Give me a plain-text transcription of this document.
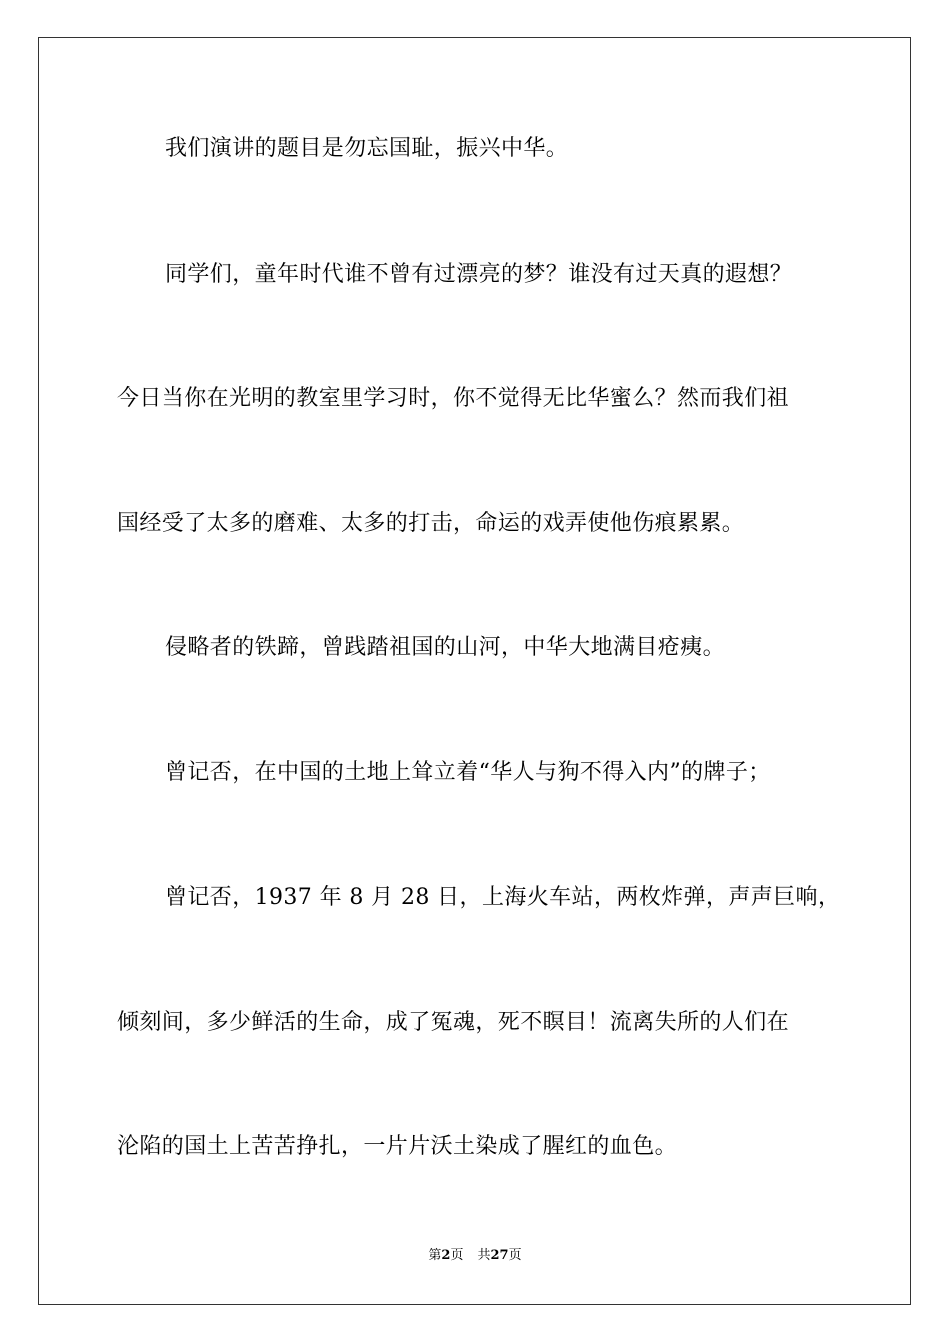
我们演讲的题目是勿忘国耻，振兴中华。
同学们，童年时代谁不曾有过漂亮的梦？谁没有过天真的遐想？
今日当你在光明的教室里学习时，你不觉得无比华蜜么？然而我们祖
国经受了太多的磨难、太多的打击，命运的戏弄使他伤痕累累。
侵略者的铁蹄，曾践踏祖国的山河，中华大地满目疮痍。
曾记否，在中国的土地上耸立着“华人与狗不得入内”的牌子；
曾记否，1937 年 8 月 28 日，上海火车站，两枚炸弹，声声巨响，
倾刻间，多少鲜活的生命，成了冤魂，死不瞑目！流离失所的人们在
沦陷的国土上苦苦挣扎，一片片沃土染成了腥红的血色。
第2页 共27页
